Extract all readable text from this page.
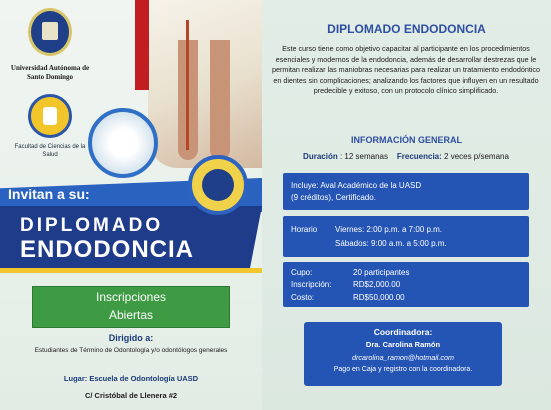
Universidad Autónoma de Santo Domingo
Facultad de Ciencias de la Salud
Invitan a su:
DIPLOMADO
ENDODONCIA
Inscripciones
Abiertas
Dirigido a:
Estudiantes de Término de Odontología y/o odontólogos generales
Lugar: Escuela de Odontología UASD
C/ Cristóbal de Llenera #2
DIPLOMADO ENDODONCIA
Este curso tiene como objetivo capacitar al participante en los procedimientos esenciales y modernos de la endodoncia, además de desarrollar destrezas que le permitan realizar las maniobras necesarias para realizar un tratamiento endodóntico en dientes sin complicaciones; analizando los factores que influyen en un resultado predecible y exitoso, con un protocolo clínico simplificado.
INFORMACIÓN GENERAL
Duración : 12 semanas Frecuencia: 2 veces p/semana
Incluye: Aval Académico de la UASD
(9 créditos), Certificado.
Horario Viernes: 2:00 p.m. a 7:00 p.m.
Sábados: 9:00 a.m. a 5:00 p.m.
Cupo:	20 participantes
Inscripción:	RD$2,000.00
Costo:	RD$50,000.00
Coordinadora:
Dra. Carolina Ramón
drcarolina_ramon@hotmail.com
Pago en Caja y registro con la coordinadora.
